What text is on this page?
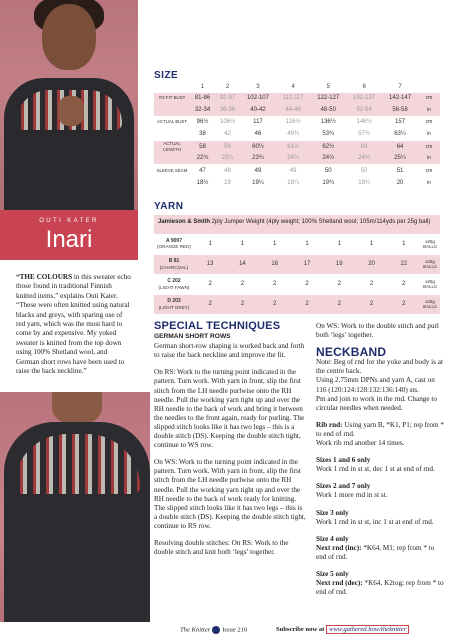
OUTI KATER
Inari
“THE COLOURS in this sweater echo those found in traditional Finnish knitted items,” explains Outi Kater. “These were often knitted using natural blacks and greys, with sparing use of red yarn, which was the most hard to come by and expensive. My yoked sweater is knitted from the top down using 100% Shetland wool, and German short rows have been used to raise the back neckline.”
SIZE
	1	2	3	4	5	6	7	
TO FIT BUST	81-86	92-97	102-107	112-117	122-127	132-137	142-147	cm
	32-34	36-38	40-42	44-46	48-50	52-54	56-58	in
ACTUAL BUST	96½	106½	117	126½	136½	146½	157	cm
	38	42	46	49¾	53¾	57¾	63¼	in
ACTUAL LENGTH	58	59	60½	61½	62½	63	64	cm
	22¾	23¼	23¾	24¼	24½	24¾	25¼	in
SLEEVE SEAM	47	48	49	49	50	50	51	cm
	18½	19	19¼	19¼	19¾	19¾	20	in
YARN
Jamieson & Smith 2ply Jumper Weight (4ply weight; 100% Shetland wool; 105m/114yds per 25g ball)
A 9097
(ORANGE RED)	1	1	1	1	1	1	1	x25g BALLS
B 81
(CHARCOAL)	13	14	16	17	19	20	22	x25g BALLS
C 202
(LIGHT FAWN)	2	2	2	2	2	2	2	x25g BALLS
D 203
(LIGHT GREY)	2	2	2	2	2	2	2	x25g BALLS
SPECIAL TECHNIQUES
GERMAN SHORT ROWS

German short-row shaping is worked back and forth to raise the back neckline and improve the fit.

On RS: Work to the turning point indicated in the pattern. Turn work. With yarn in front, slip the first stitch from the LH needle purlwise onto the RH needle. Pull the working yarn tight up and over the RH needle to the back of work and bring it between the needles to the front again, ready for purling. The slipped stitch looks like it has two legs – this is a double stitch (DS). Keeping the double stitch tight, continue to WS row.

On WS: Work to the turning point indicated in the pattern. Turn work. With yarn in front, slip the first stitch from the LH needle purlwise onto the RH needle. Pull the working yarn tight up and over the RH needle to the back of work ready for knitting. The slipped stitch looks like it has two legs – this is a double stitch (DS). Keeping the double stitch tight, continue to RS row.

Resolving double stitches: On RS: Work to the double stitch and knit both ‘legs’ together.

On WS: Work to the double stitch and purl both ‘legs’ together.

NECKBAND
Note: Beg of rnd for the yoke and body is at the centre back.
Using 2.75mm DPNs and yarn A, cast on 116 (120:124:128:132:136:140) sts.

Pm and join to work in the rnd. Change to circular needles when needed.

Rib rnd: Using yarn B, *K1, P1; rep from * to end of rnd.

Work rib rnd another 14 times.

Sizes 1 and 6 only

Work 1 rnd in st st, dec 1 st at end of rnd.

Sizes 2 and 7 only

Work 1 more rnd in st st.

Size 3 only

Work 1 rnd in st st, inc 1 st at end of rnd.

Size 4 only

Next rnd (inc): *K64, M1; rep from * to end of rnd.

Size 5 only
Next rnd (dec): *K64, K2tog; rep from * to end of rnd.
The Knitter Issue 210	Subscribe now at www.gathered.how/theknitter
